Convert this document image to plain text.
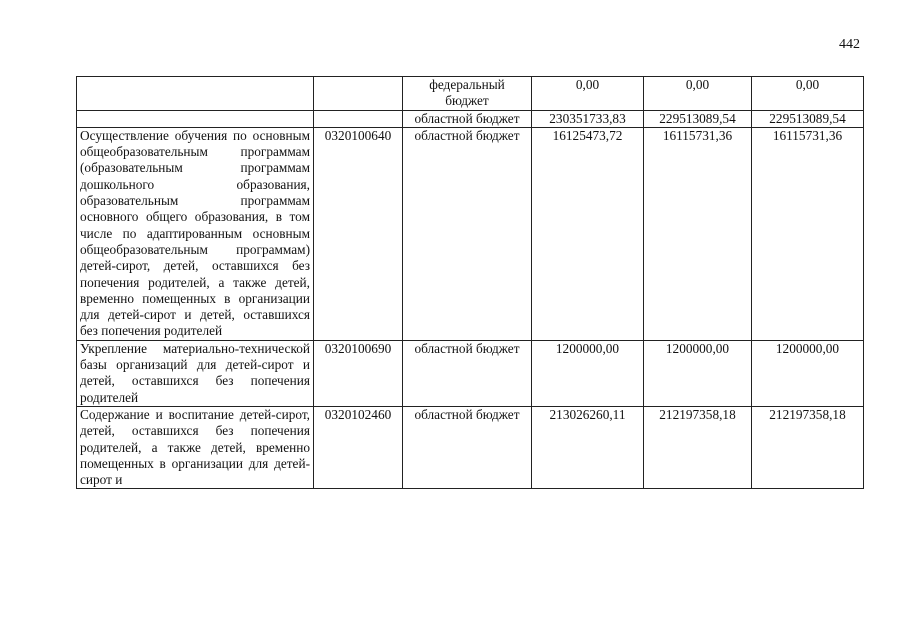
442
		федеральный бюджет	0,00	0,00	0,00
		областной бюджет	230351733,83	229513089,54	229513089,54
Осуществление обучения по основным общеобразовательным программам (образовательным программам дошкольного образования, образовательным программам основного общего образования, в том числе по адаптированным основным общеобразовательным программам) детей-сирот, детей, оставшихся без попечения родителей, а также детей, временно помещенных в организации для детей-сирот и детей, оставшихся без попечения родителей	0320100640	областной бюджет	16125473,72	16115731,36	16115731,36
Укрепление материально-технической базы организаций для детей-сирот и детей, оставшихся без попечения родителей	0320100690	областной бюджет	1200000,00	1200000,00	1200000,00
Содержание и воспитание детей-сирот, детей, оставшихся без попечения родителей, а также детей, временно помещенных в организации для детей-сирот и	0320102460	областной бюджет	213026260,11	212197358,18	212197358,18
